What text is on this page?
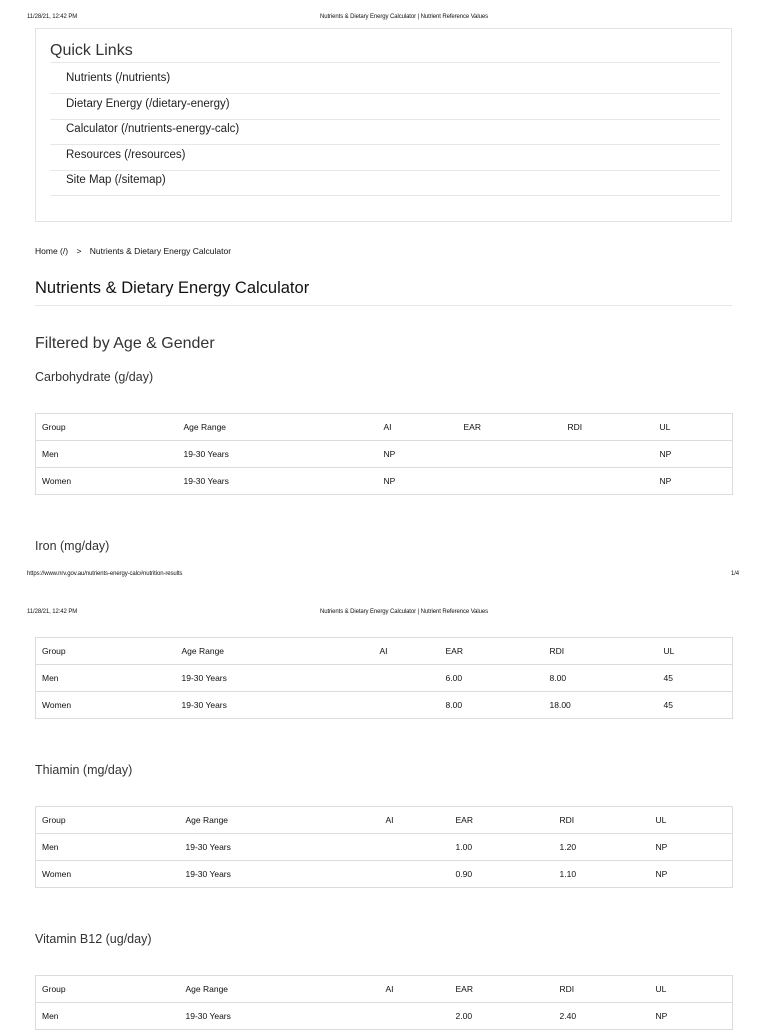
11/28/21, 12:42 PM	Nutrients & Dietary Energy Calculator | Nutrient Reference Values
Quick Links
Nutrients (/nutrients)
Dietary Energy (/dietary-energy)
Calculator (/nutrients-energy-calc)
Resources (/resources)
Site Map (/sitemap)
Home (/) > Nutrients & Dietary Energy Calculator
Nutrients & Dietary Energy Calculator
Filtered by Age & Gender
Carbohydrate (g/day)
Group	Age Range	AI	EAR	RDI	UL
Men	19-30 Years	NP			NP
Women	19-30 Years	NP			NP
Iron (mg/day)
https://www.nrv.gov.au/nutrients-energy-calc#nutrition-results	1/4
11/28/21, 12:42 PM	Nutrients & Dietary Energy Calculator | Nutrient Reference Values
Group	Age Range	AI	EAR	RDI	UL
Men	19-30 Years		6.00	8.00	45
Women	19-30 Years		8.00	18.00	45
Thiamin (mg/day)
Group	Age Range	AI	EAR	RDI	UL
Men	19-30 Years		1.00	1.20	NP
Women	19-30 Years		0.90	1.10	NP
Vitamin B12 (ug/day)
Group	Age Range	AI	EAR	RDI	UL
Men	19-30 Years		2.00	2.40	NP
